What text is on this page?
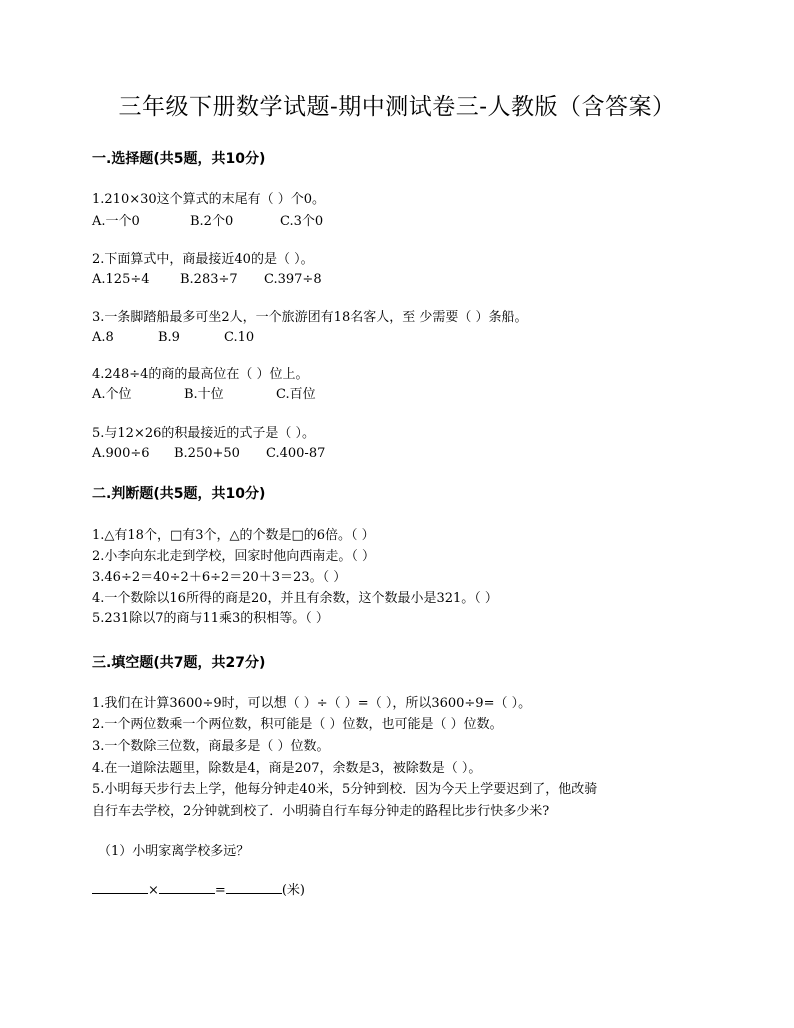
三年级下册数学试题-期中测试卷三-人教版（含答案）
一.选择题(共5题，共10分)
1.210×30这个算式的末尾有（ ）个0。
A.一个0	B.2个0	C.3个0
2.下面算式中，商最接近40的是（ ）。
A.125÷4 B.283÷7 C.397÷8
3.一条脚踏船最多可坐2人，一个旅游团有18名客人，至 少需要（ ）条船。
A.8	B.9	C.10
4.248÷4的商的最高位在（ ）位上。
A.个位	B.十位	C.百位
5.与12×26的积最接近的式子是（ ）。
A.900÷6 B.250+50 C.400-87
二.判断题(共5题，共10分)
1.△有18个，□有3个，△的个数是□的6倍。（ ）
2.小李向东北走到学校，回家时他向西南走。（ ）
3.46÷2＝40÷2＋6÷2＝20＋3＝23。（ ）
4.一个数除以16所得的商是20，并且有余数，这个数最小是321。（ ）
5.231除以7的商与11乘3的积相等。（ ）
三.填空题(共7题，共27分)
1.我们在计算3600÷9时，可以想（ ）÷（ ）=（ ），所以3600÷9=（ ）。
2.一个两位数乘一个两位数，积可能是（ ）位数，也可能是（ ）位数。
3.一个数除三位数，商最多是（ ）位数。
4.在一道除法题里，除数是4，商是207，余数是3，被除数是（ ）。
5.小明每天步行去上学，他每分钟走40米，5分钟到校．因为今天上学要迟到了，他改骑
自行车去学校，2分钟就到校了．小明骑自行车每分钟走的路程比步行快多少米?
（1）小明家离学校多远？
×	=	(米)
